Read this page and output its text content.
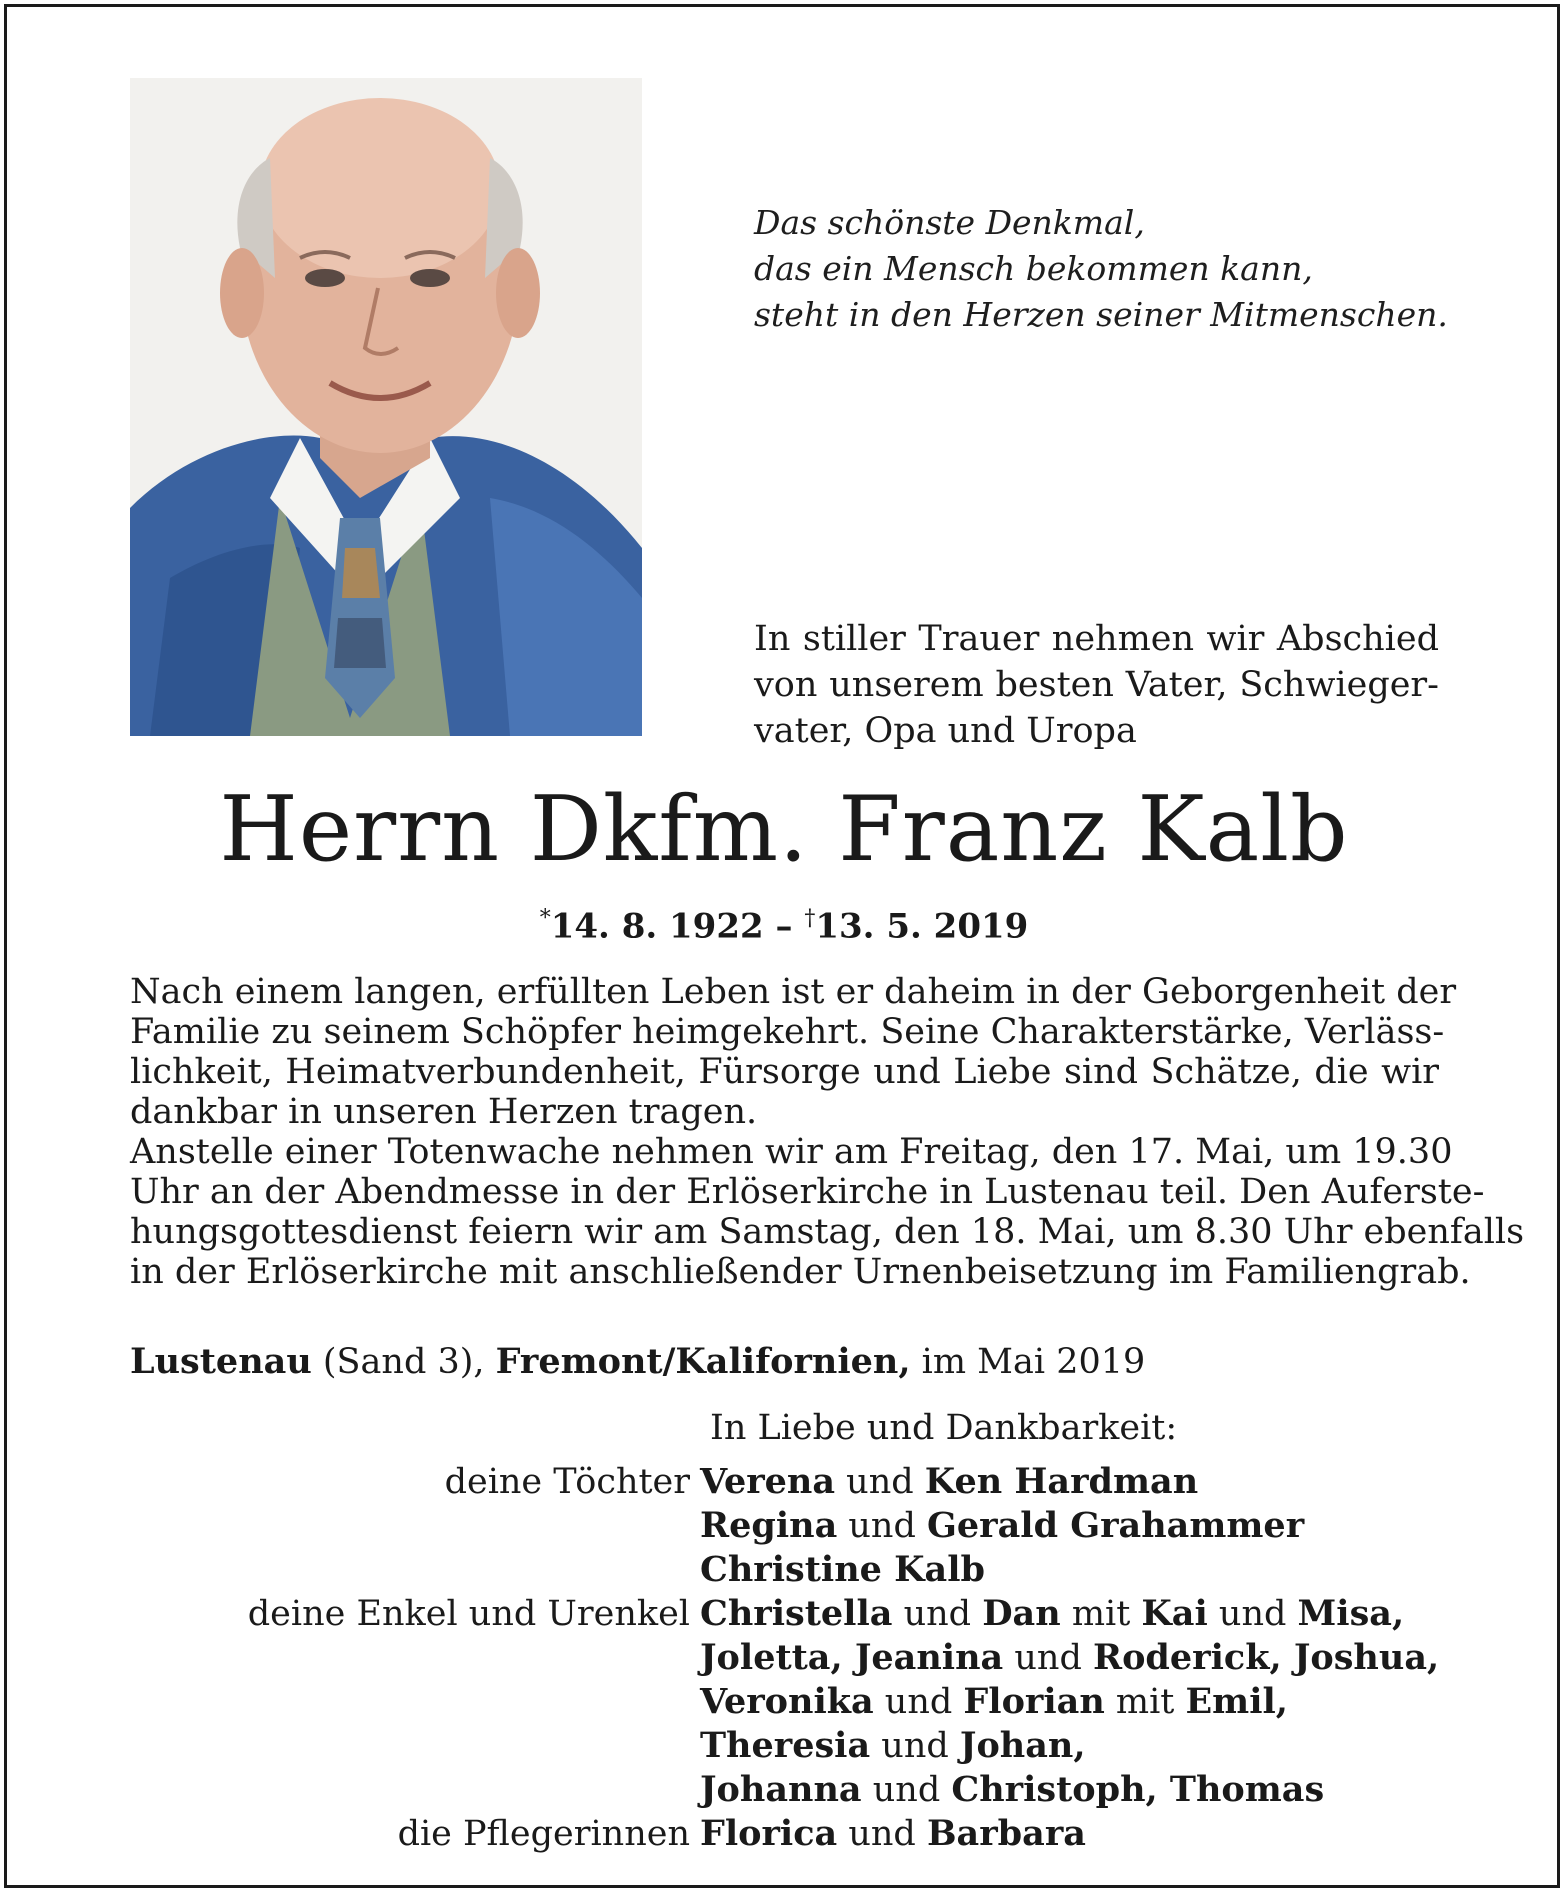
Das schönste Denkmal,
das ein Mensch bekommen kann,
steht in den Herzen seiner Mitmenschen.
In stiller Trauer nehmen wir Abschied
von unserem besten Vater, Schwieger-
vater, Opa und Uropa
Herrn Dkfm. Franz Kalb
*14. 8. 1922 – †13. 5. 2019
Nach einem langen, erfüllten Leben ist er daheim in der Geborgenheit der
Familie zu seinem Schöpfer heimgekehrt. Seine Charakterstärke, Verläss-
lichkeit, Heimatverbundenheit, Fürsorge und Liebe sind Schätze, die wir
dankbar in unseren Herzen tragen.
Anstelle einer Totenwache nehmen wir am Freitag, den 17. Mai, um 19.30
Uhr an der Abendmesse in der Erlöserkirche in Lustenau teil. Den Auferste-
hungsgottesdienst feiern wir am Samstag, den 18. Mai, um 8.30 Uhr ebenfalls
in der Erlöserkirche mit anschließender Urnenbeisetzung im Familiengrab.
Lustenau (Sand 3), Fremont/Kalifornien, im Mai 2019
In Liebe und Dankbarkeit:
deine Töchter Verena und Ken Hardman
Regina und Gerald Grahammer
Christine Kalb
deine Enkel und Urenkel Christella und Dan mit Kai und Misa,
Joletta, Jeanina und Roderick, Joshua,
Veronika und Florian mit Emil,
Theresia und Johan,
Johanna und Christoph, Thomas
die Pflegerinnen Florica und Barbara
